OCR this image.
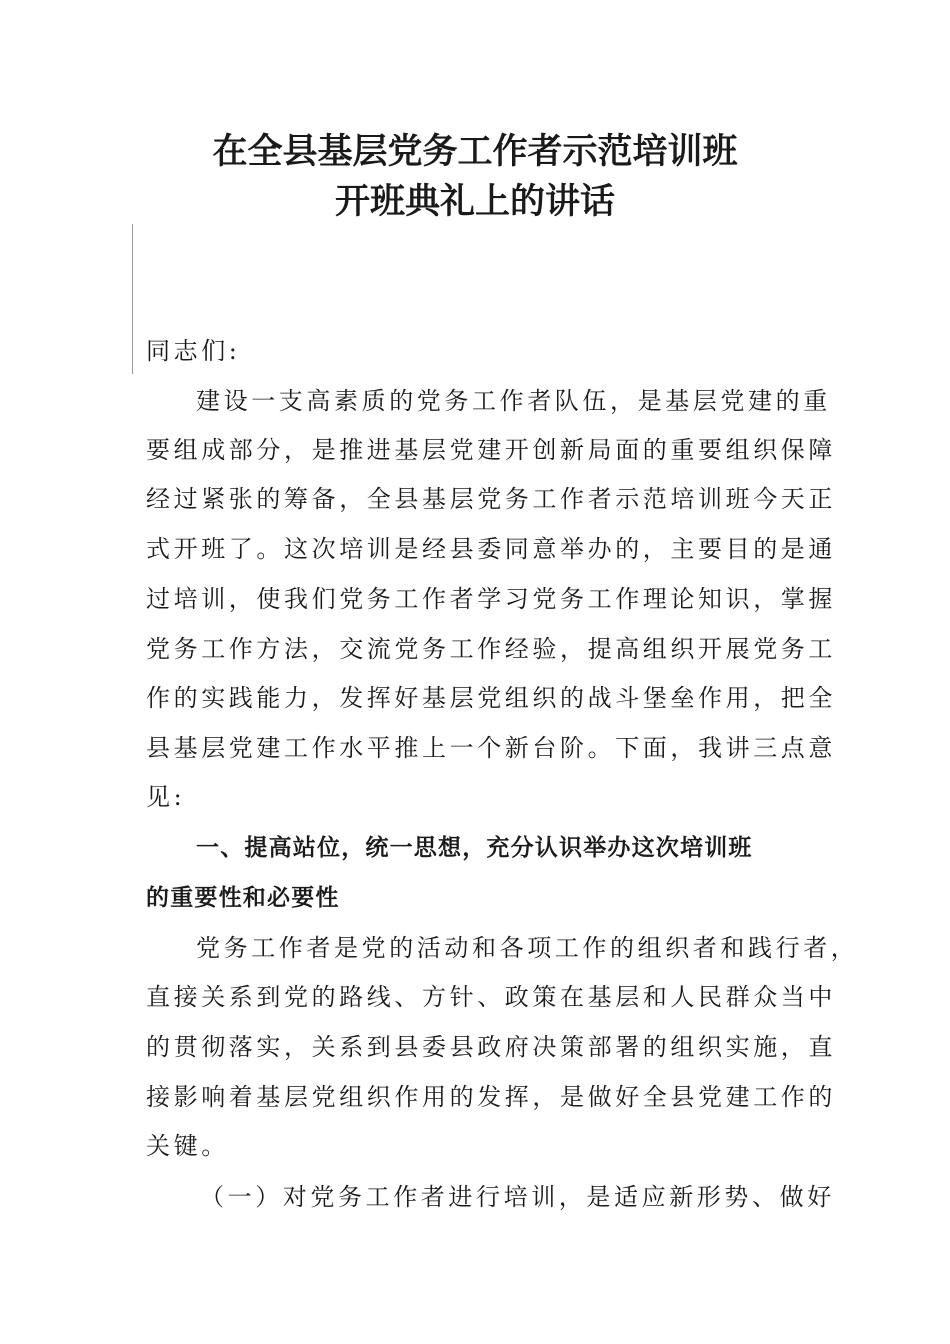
在全县基层党务工作者示范培训班
开班典礼上的讲话
同志们:
建设一支高素质的党务工作者队伍，是基层党建的重
要组成部分，是推进基层党建开创新局面的重要组织保障
经过紧张的筹备，全县基层党务工作者示范培训班今天正
式开班了。这次培训是经县委同意举办的，主要目的是通
过培训，使我们党务工作者学习党务工作理论知识，掌握
党务工作方法，交流党务工作经验，提高组织开展党务工
作的实践能力，发挥好基层党组织的战斗堡垒作用，把全
县基层党建工作水平推上一个新台阶。下面，我讲三点意
见:
一、提高站位，统一思想，充分认识举办这次培训班
的重要性和必要性
党务工作者是党的活动和各项工作的组织者和践行者，
直接关系到党的路线、方针、政策在基层和人民群众当中
的贯彻落实，关系到县委县政府决策部署的组织实施，直
接影响着基层党组织作用的发挥，是做好全县党建工作的
关键。
（一）对党务工作者进行培训，是适应新形势、做好
